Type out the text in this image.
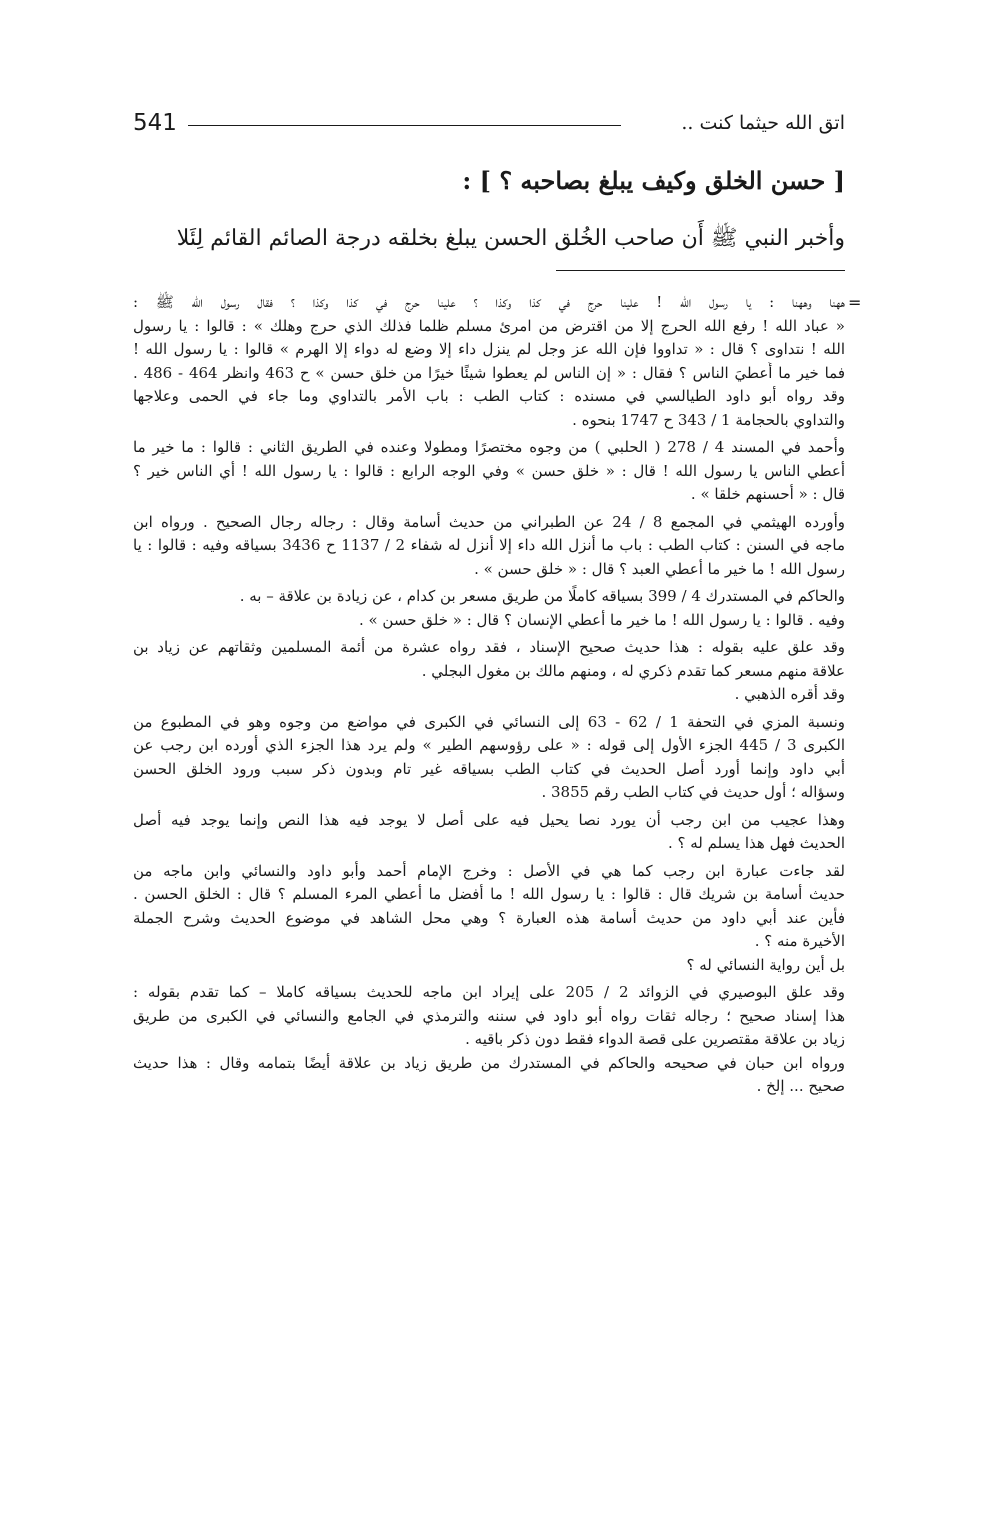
541	اتق الله حيثما كنت ..
[ حسن الخلق وكيف يبلغ بصاحبه ؟ ] :
وأخبر النبي ﷺ أَن صاحب الخُلق الحسن يبلغ بخلقه درجة الصائم القائم لِئَلا
=
ههنا وههنا : يا رسول الله ! علينا حرج في كذا وكذا ؟ علينا حرج في كذا وكذا ؟ فقال رسول الله ﷺ :
« عباد الله ! رفع الله الحرج إلا من اقترض من امرئ مسلم ظلما فذلك الذي حرج وهلك » : قالوا : يا رسول
الله ! نتداوى ؟ قال : « تداووا فإن الله عز وجل لم ينزل داء إلا وضع له دواء إلا الهرم » قالوا : يا رسول الله !
فما خير ما أُعطيَ الناس ؟ فقال : « إن الناس لم يعطوا شيئًا خيرًا من خلق حسن » ح 463 وانظر 464 - 486 .
وقد رواه أبو داود الطيالسي في مسنده : كتاب الطب : باب الأمر بالتداوي وما جاء في الحمى وعلاجها
والتداوي بالحجامة 1 / 343 ح 1747 بنحوه .
وأحمد في المسند 4 / 278 ( الحلبي ) من وجوه مختصرًا ومطولا وعنده في الطريق الثاني : قالوا : ما خير ما
أعطي الناس يا رسول الله ! قال : « خلق حسن » وفي الوجه الرابع : قالوا : يا رسول الله ! أي الناس خير ؟
قال : « أحسنهم خلقا » .
وأورده الهيثمي في المجمع 8 / 24 عن الطبراني من حديث أسامة وقال : رجاله رجال الصحيح . ورواه ابن
ماجه في السنن : كتاب الطب : باب ما أنزل الله داء إلا أنزل له شفاء 2 / 1137 ح 3436 بسياقه وفيه : قالوا : يا
رسول الله ! ما خير ما أعطي العبد ؟ قال : « خلق حسن » .
والحاكم في المستدرك 4 / 399 بسياقه كاملًا من طريق مسعر بن كدام ، عن زيادة بن علاقة – به .
وفيه . قالوا : يا رسول الله ! ما خير ما أعطي الإنسان ؟ قال : « خلق حسن » .
وقد علق عليه بقوله : هذا حديث صحيح الإسناد ، فقد رواه عشرة من أئمة المسلمين وثقاتهم عن زياد بن
علاقة منهم مسعر كما تقدم ذكري له ، ومنهم مالك بن مغول البجلي .
وقد أقره الذهبي .
ونسبة المزي في التحفة 1 / 62 - 63 إلى النسائي في الكبرى في مواضع من وجوه وهو في المطبوع من
الكبرى 3 / 445 الجزء الأول إلى قوله : « على رؤوسهم الطير » ولم يرد هذا الجزء الذي أورده ابن رجب عن
أبي داود وإنما أورد أصل الحديث في كتاب الطب بسياقه غير تام وبدون ذكر سبب ورود الخلق الحسن
وسؤاله ؛ أول حديث في كتاب الطب رقم 3855 .
وهذا عجيب من ابن رجب أن يورد نصا يحيل فيه على أصل لا يوجد فيه هذا النص وإنما يوجد فيه أصل
الحديث فهل هذا يسلم له ؟ .
لقد جاءت عبارة ابن رجب كما هي في الأصل : وخرج الإمام أحمد وأبو داود والنسائي وابن ماجه من
حديث أسامة بن شريك قال : قالوا : يا رسول الله ! ما أفضل ما أعطي المرء المسلم ؟ قال : الخلق الحسن .
فأين عند أبي داود من حديث أسامة هذه العبارة ؟ وهي محل الشاهد في موضوع الحديث وشرح الجملة
الأخيرة منه ؟ .
بل أين رواية النسائي له ؟
وقد علق البوصيري في الزوائد 2 / 205 على إيراد ابن ماجه للحديث بسياقه كاملا – كما تقدم بقوله :
هذا إسناد صحيح ؛ رجاله ثقات رواه أبو داود في سننه والترمذي في الجامع والنسائي في الكبرى من طريق
زياد بن علاقة مقتصرين على قصة الدواء فقط دون ذكر باقيه .
ورواه ابن حبان في صحيحه والحاكم في المستدرك من طريق زياد بن علاقة أيضًا بتمامه وقال : هذا حديث
صحيح ... إلخ .
